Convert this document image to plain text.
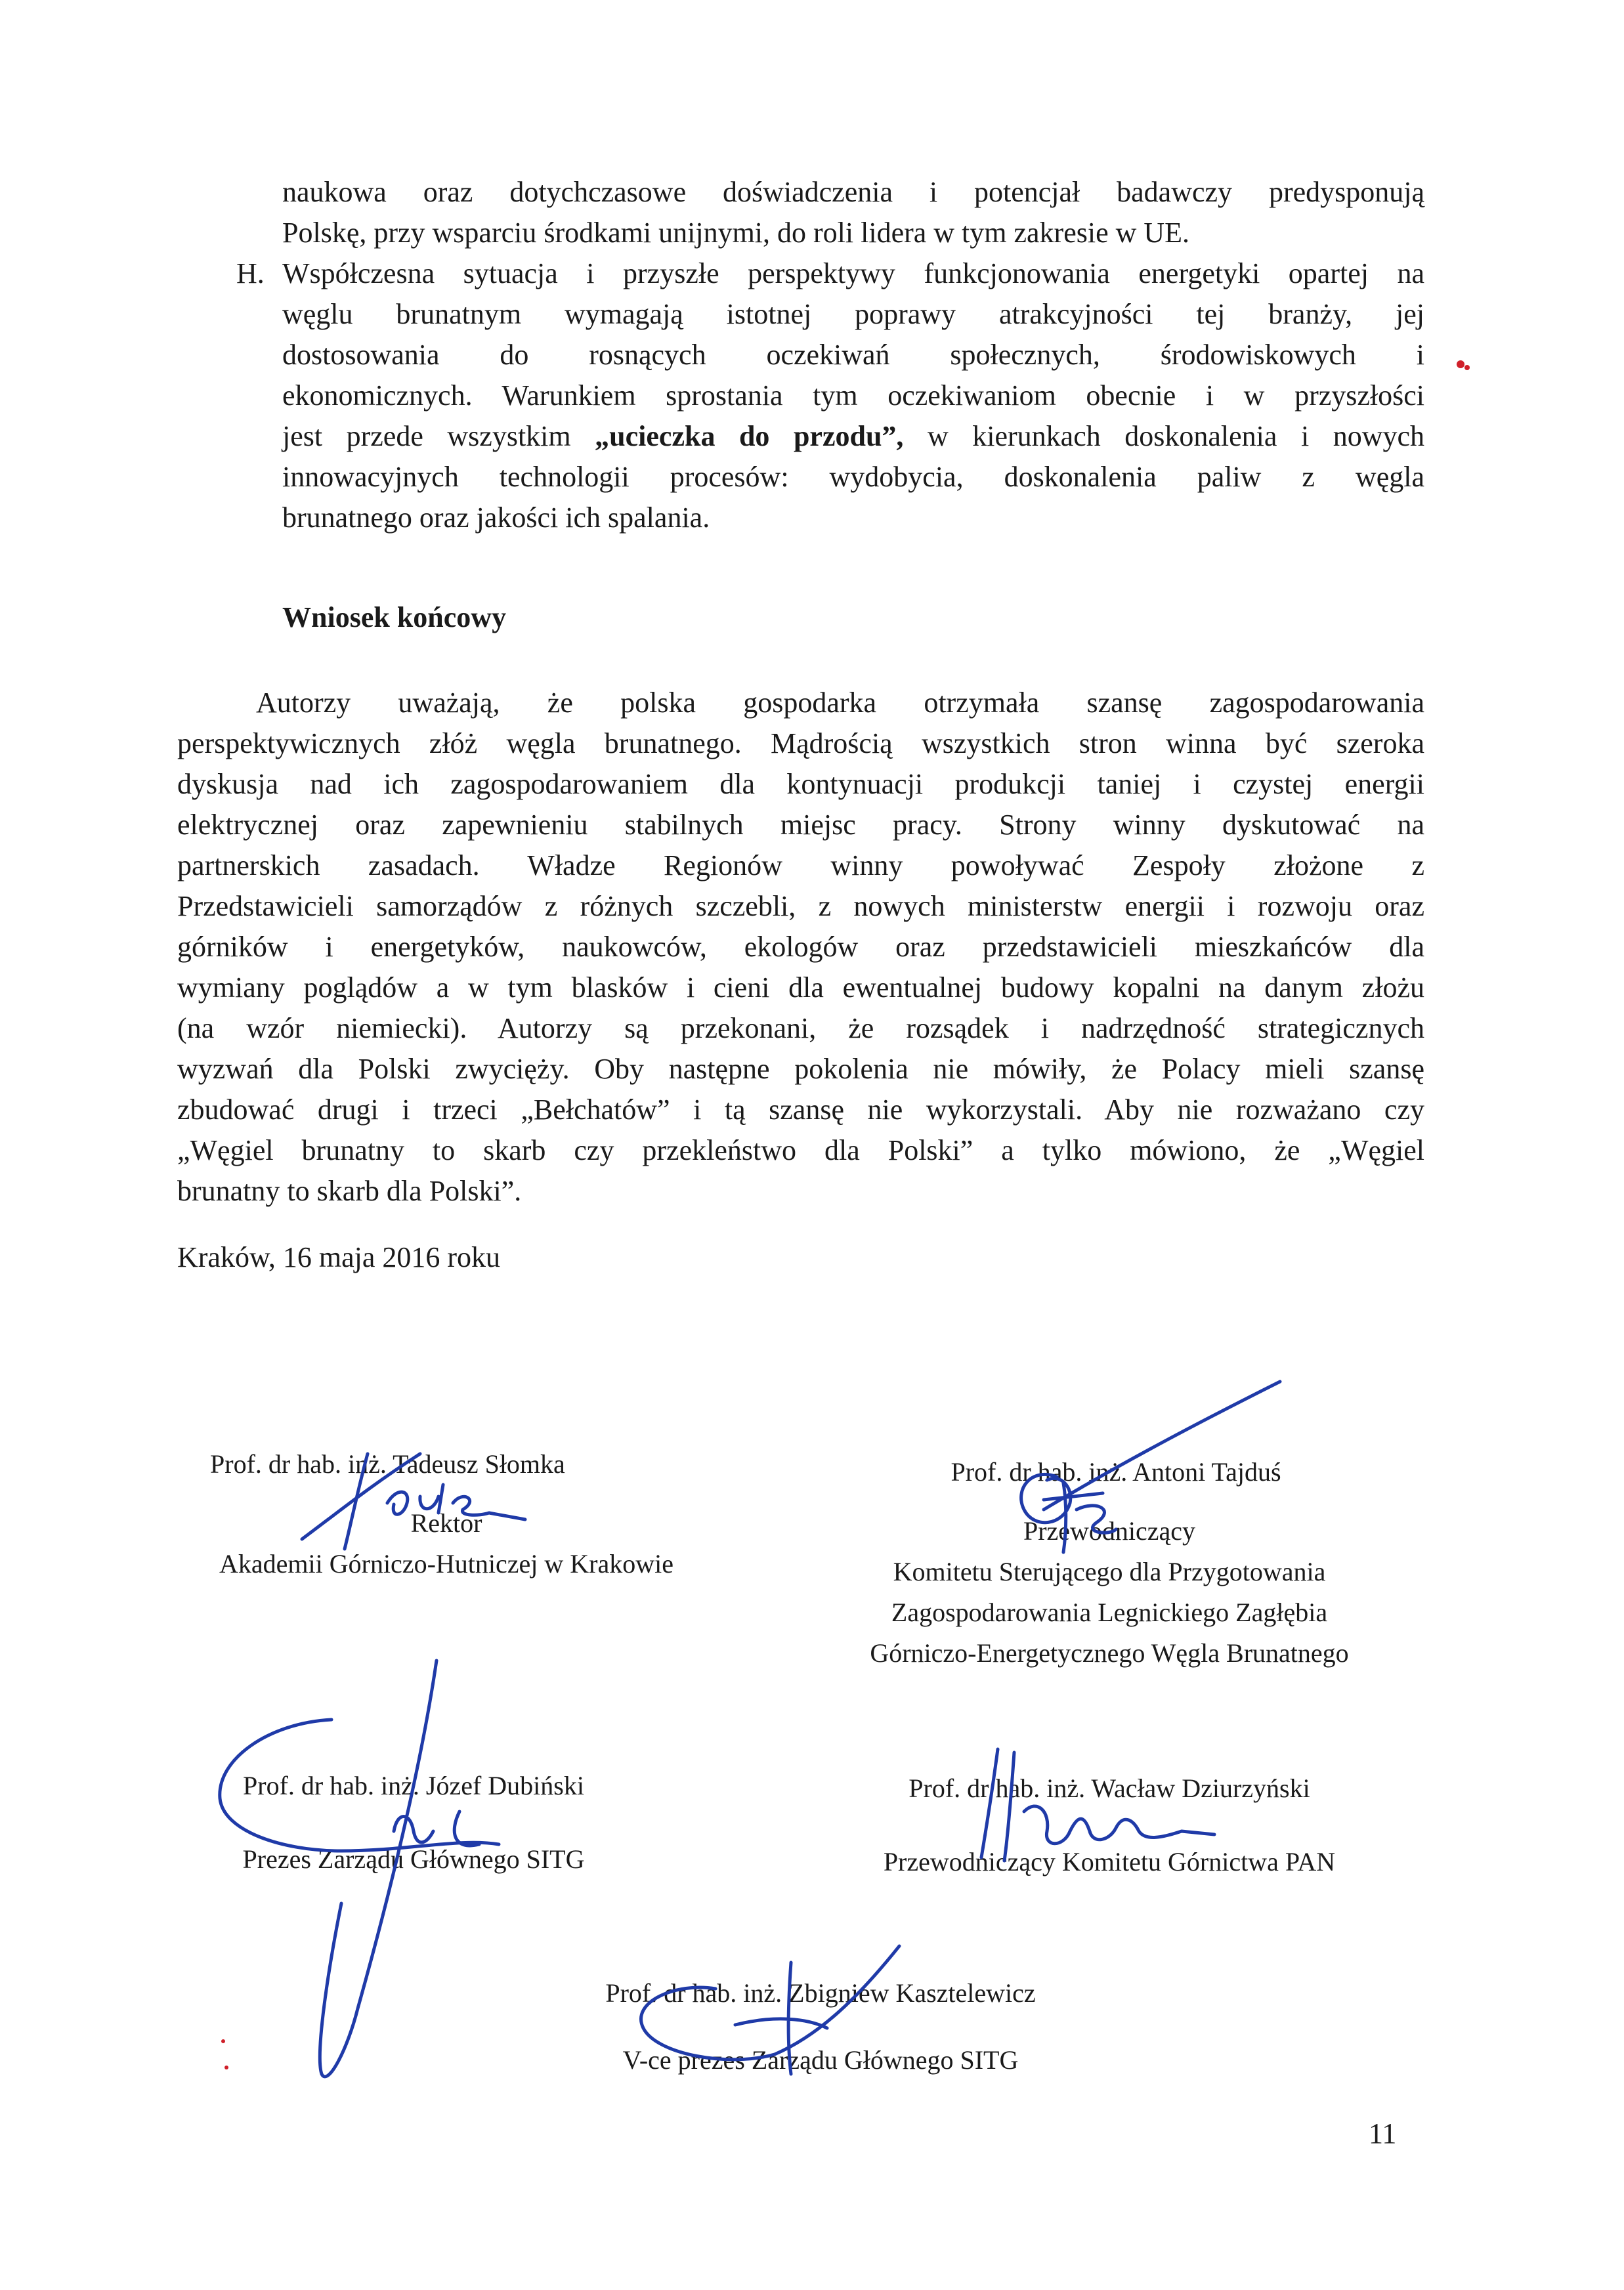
naukowa oraz dotychczasowe doświadczenia i potencjał badawczy predysponują
Polskę, przy wsparciu środkami unijnymi, do roli lidera w tym zakresie w UE.
H. Współczesna sytuacja i przyszłe perspektywy funkcjonowania energetyki opartej na
węglu brunatnym wymagają istotnej poprawy atrakcyjności tej branży, jej
dostosowania do rosnących oczekiwań społecznych, środowiskowych i
ekonomicznych. Warunkiem sprostania tym oczekiwaniom obecnie i w przyszłości
jest przede wszystkim „ucieczka do przodu”, w kierunkach doskonalenia i nowych
innowacyjnych technologii procesów: wydobycia, doskonalenia paliw z węgla
brunatnego oraz jakości ich spalania.
Wniosek końcowy
Autorzy uważają, że polska gospodarka otrzymała szansę zagospodarowania
perspektywicznych złóż węgla brunatnego. Mądrością wszystkich stron winna być szeroka
dyskusja nad ich zagospodarowaniem dla kontynuacji produkcji taniej i czystej energii
elektrycznej oraz zapewnieniu stabilnych miejsc pracy. Strony winny dyskutować na
partnerskich zasadach. Władze Regionów winny powoływać Zespoły złożone z
Przedstawicieli samorządów z różnych szczebli, z nowych ministerstw energii i rozwoju oraz
górników i energetyków, naukowców, ekologów oraz przedstawicieli mieszkańców dla
wymiany poglądów a w tym blasków i cieni dla ewentualnej budowy kopalni na danym złożu
(na wzór niemiecki). Autorzy są przekonani, że rozsądek i nadrzędność strategicznych
wyzwań dla Polski zwycięży. Oby następne pokolenia nie mówiły, że Polacy mieli szansę
zbudować drugi i trzeci „Bełchatów” i tą szansę nie wykorzystali. Aby nie rozważano czy
„Węgiel brunatny to skarb czy przekleństwo dla Polski” a tylko mówiono, że „Węgiel
brunatny to skarb dla Polski”.
Kraków, 16 maja 2016 roku
Prof. dr hab. inż. Tadeusz Słomka
Rektor
Akademii Górniczo-Hutniczej w Krakowie
Prof. dr hab. inż. Antoni Tajduś
Przewodniczący
Komitetu Sterującego dla Przygotowania
Zagospodarowania Legnickiego Zagłębia
Górniczo-Energetycznego Węgla Brunatnego
Prof. dr hab. inż. Józef Dubiński
Prezes Zarządu Głównego SITG
Prof. dr hab. inż. Wacław Dziurzyński
Przewodniczący Komitetu Górnictwa PAN
Prof. dr hab. inż. Zbigniew Kasztelewicz
V-ce prezes Zarządu Głównego SITG
11
